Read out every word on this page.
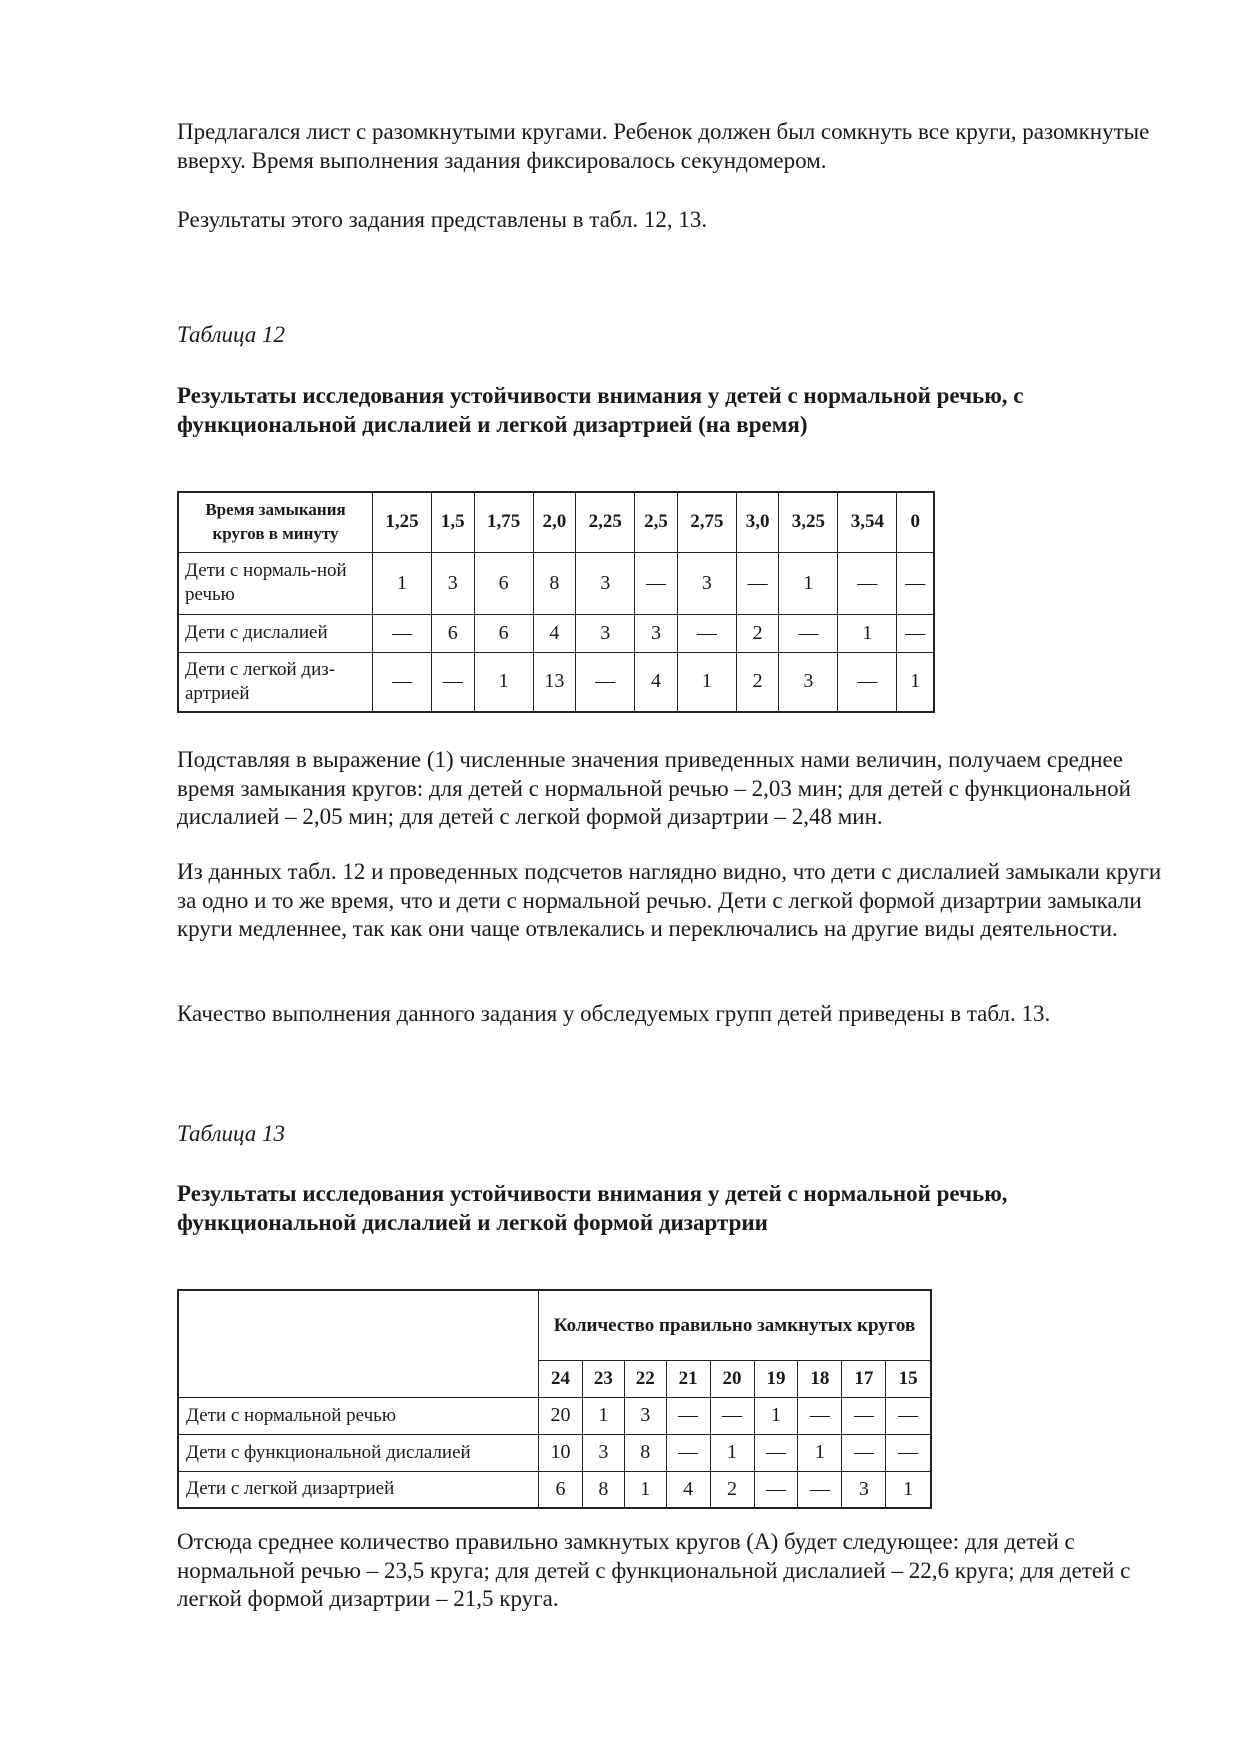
Предлагался лист с разомкнутыми кругами. Ребенок должен был сомкнуть все круги, разомкнутые вверху. Время выполнения задания фиксировалось секундомером.

Результаты этого задания представлены в табл. 12, 13.

Таблица 12

Результаты исследования устойчивости внимания у детей с нормальной речью, с функциональной дислалией и легкой дизартрией (на время)

Время замыкания кругов в минуту	1,25	1,5	1,75	2,0	2,25	2,5	2,75	3,0	3,25	3,54	0
Дети с нормаль-ной речью	1	3	6	8	3	—	3	—	1	—	—
Дети с дислалией	—	6	6	4	3	3	—	2	—	1	—
Дети с легкой диз-артрией	—	—	1	13	—	4	1	2	3	—	1

Подставляя в выражение (1) численные значения приведенных нами величин, получаем среднее время замыкания кругов: для детей с нормальной речью – 2,03 мин; для детей с функциональной дислалией – 2,05 мин; для детей с легкой формой дизартрии – 2,48 мин.

Из данных табл. 12 и проведенных подсчетов наглядно видно, что дети с дислалией замыкали круги за одно и то же время, что и дети с нормальной речью. Дети с легкой формой дизартрии замыкали круги медленнее, так как они чаще отвлекались и переключались на другие виды деятельности.

Качество выполнения данного задания у обследуемых групп детей приведены в табл. 13.

Таблица 13

Результаты исследования устойчивости внимания у детей с нормальной речью, функциональной дислалией и легкой формой дизартрии

	Количество правильно замкнутых кругов								
	24	23	22	21	20	19	18	17	15
Дети с нормальной речью	20	1	3	—	—	1	—	—	—
Дети с функциональной дислалией	10	3	8	—	1	—	1	—	—
Дети с легкой дизартрией	6	8	1	4	2	—	—	3	1

Отсюда среднее количество правильно замкнутых кругов (А) будет следующее: для детей с нормальной речью – 23,5 круга; для детей с функциональной дислалией – 22,6 круга; для детей с легкой формой дизартрии – 21,5 круга.
